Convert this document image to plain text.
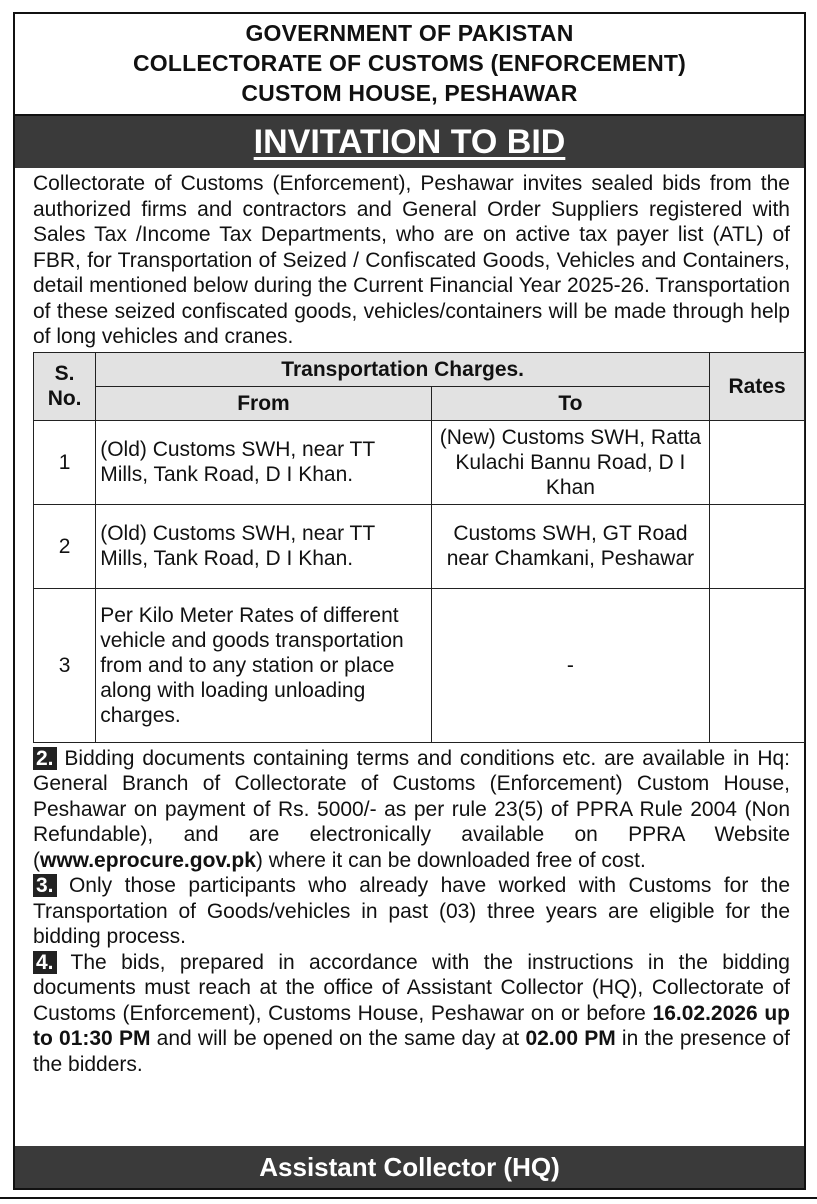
GOVERNMENT OF PAKISTAN
COLLECTORATE OF CUSTOMS (ENFORCEMENT)
CUSTOM HOUSE, PESHAWAR
INVITATION TO BID

Collectorate of Customs (Enforcement), Peshawar invites sealed bids from the authorized firms and contractors and General Order Suppliers registered with Sales Tax /Income Tax Departments, who are on active tax payer list (ATL) of FBR, for Transportation of Seized / Confiscated Goods, Vehicles and Containers, detail mentioned below during the Current Financial Year 2025-26. Transportation of these seized confiscated goods, vehicles/containers will be made through help of long vehicles and cranes.

S.
No.	Transportation Charges.		Rates
	From	To	
1	(Old) Customs SWH, near TT Mills, Tank Road, D I Khan.	(New) Customs SWH, Ratta Kulachi Bannu Road, D I Khan	
2	(Old) Customs SWH, near TT Mills, Tank Road, D I Khan.	Customs SWH, GT Road near Chamkani, Peshawar	
3	Per Kilo Meter Rates of different vehicle and goods transportation from and to any station or place along with loading unloading charges.	-	

2. Bidding documents containing terms and conditions etc. are available in Hq: General Branch of Collectorate of Customs (Enforcement) Custom House, Peshawar on payment of Rs. 5000/- as per rule 23(5) of PPRA Rule 2004 (Non Refundable), and are electronically available on PPRA Website (www.eprocure.gov.pk) where it can be downloaded free of cost.

3. Only those participants who already have worked with Customs for the Transportation of Goods/vehicles in past (03) three years are eligible for the bidding process.

4. The bids, prepared in accordance with the instructions in the bidding documents must reach at the office of Assistant Collector (HQ), Collectorate of Customs (Enforcement), Customs House, Peshawar on or before 16.02.2026 up to 01:30 PM and will be opened on the same day at 02.00 PM in the presence of the bidders.

Assistant Collector (HQ)
